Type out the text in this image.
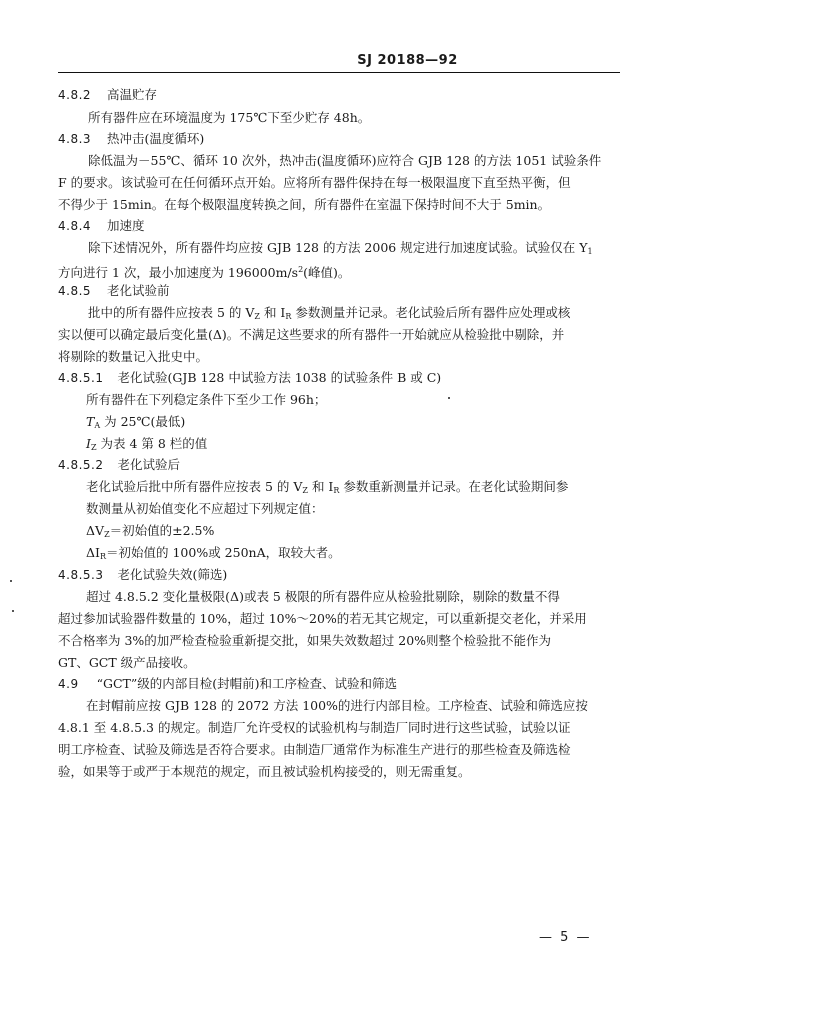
SJ 20188—92
4.8.2 高温贮存
所有器件应在环境温度为 175℃下至少贮存 48h。
4.8.3 热冲击(温度循环)
除低温为－55℃、循环 10 次外，热冲击(温度循环)应符合 GJB 128 的方法 1051 试验条件
F 的要求。该试验可在任何循环点开始。应将所有器件保持在每一极限温度下直至热平衡，但
不得少于 15min。在每个极限温度转换之间，所有器件在室温下保持时间不大于 5min。
4.8.4 加速度
除下述情况外，所有器件均应按 GJB 128 的方法 2006 规定进行加速度试验。试验仅在 $Y_1$
方向进行 1 次，最小加速度为 $196000m/s^2$(峰值)。
4.8.5 老化试验前
批中的所有器件应按表 5 的 $V_Z$ 和 $I_R$ 参数测量并记录。老化试验后所有器件应处理或核
实以便可以确定最后变化量(Δ)。不满足这些要求的所有器件一开始就应从检验批中剔除，并
将剔除的数量记入批史中。
4.8.5.1 老化试验(GJB 128 中试验方法 1038 的试验条件 B 或 C)
所有器件在下列稳定条件下至少工作 96h；
$T_A$ 为 25℃(最低)
$I_Z$ 为表 4 第 8 栏的值
4.8.5.2 老化试验后
老化试验后批中所有器件应按表 5 的 $V_Z$ 和 $I_R$ 参数重新测量并记录。在老化试验期间参
数测量从初始值变化不应超过下列规定值：
$\Delta V_Z=$初始值的±2.5%
$\Delta I_R=$初始值的 100%或 250nA，取较大者。
4.8.5.3 老化试验失效(筛选)
超过 4.8.5.2 变化量极限(Δ)或表 5 极限的所有器件应从检验批剔除，剔除的数量不得
超过参加试验器件数量的 10%，超过 10%～20%的若无其它规定，可以重新提交老化，并采用
不合格率为 3%的加严检查检验重新提交批，如果失效数超过 20%则整个检验批不能作为
GT、GCT 级产品接收。
4.9 “GCT”级的内部目检(封帽前)和工序检查、试验和筛选
在封帽前应按 GJB 128 的 2072 方法 100%的进行内部目检。工序检查、试验和筛选应按
4.8.1 至 4.8.5.3 的规定。制造厂允许受权的试验机构与制造厂同时进行这些试验，试验以证
明工序检查、试验及筛选是否符合要求。由制造厂通常作为标准生产进行的那些检查及筛选检
验，如果等于或严于本规范的规定，而且被试验机构接受的，则无需重复。
— 5 —
